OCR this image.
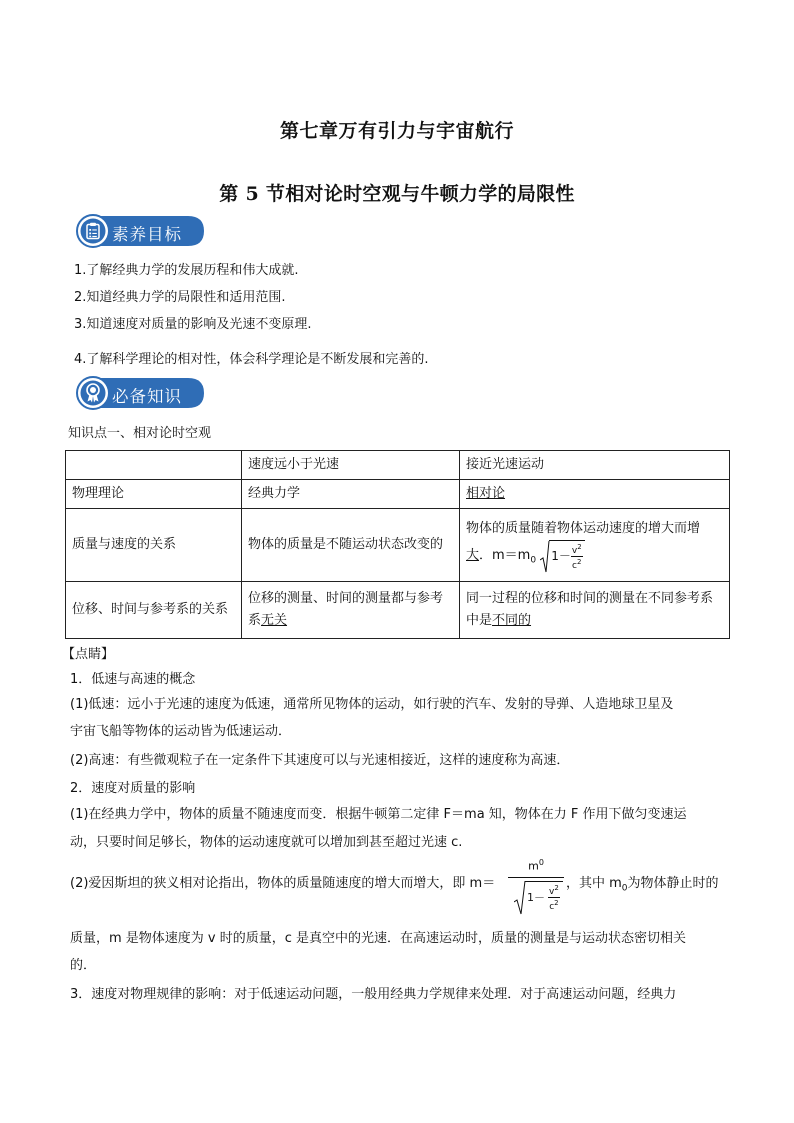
第七章万有引力与宇宙航行
第 5 节相对论时空观与牛顿力学的局限性
素养目标
1.了解经典力学的发展历程和伟大成就.
2.知道经典力学的局限性和适用范围.
3.知道速度对质量的影响及光速不变原理.
4.了解科学理论的相对性，体会科学理论是不断发展和完善的.
必备知识
知识点一、相对论时空观
	速度远小于光速	接近光速运动
物理理论	经典力学	相对论
质量与速度的关系	物体的质量是不随运动状态改变的	物体的质量随着物体运动速度的增大而增
大．$m=m_0$ $1- \frac{v^2}{c^2}$

位移、时间与参考系的关系	位移的测量、时间的测量都与参考系无关	同一过程的位移和时间的测量在不同参考系中是不同的
【点睛】
1．低速与高速的概念
(1)低速：远小于光速的速度为低速，通常所见物体的运动，如行驶的汽车、发射的导弹、人造地球卫星及
宇宙飞船等物体的运动皆为低速运动．
(2)高速：有些微观粒子在一定条件下其速度可以与光速相接近，这样的速度称为高速．
2．速度对质量的影响
(1)在经典力学中，物体的质量不随速度而变．根据牛顿第二定律 F＝ma 知，物体在力 F 作用下做匀变速运
动，只要时间足够长，物体的运动速度就可以增加到甚至超过光速 c.
(2)爱因斯坦的狭义相对论指出，物体的质量随速度的增大而增大，即 m＝
$m^0$
$1- \frac{v^2}{c^2}$ ，其中 $m_0$为物体静止时的
质量，m 是物体速度为 v 时的质量，c 是真空中的光速．在高速运动时，质量的测量是与运动状态密切相关
的．
3．速度对物理规律的影响：对于低速运动问题，一般用经典力学规律来处理．对于高速运动问题，经典力
